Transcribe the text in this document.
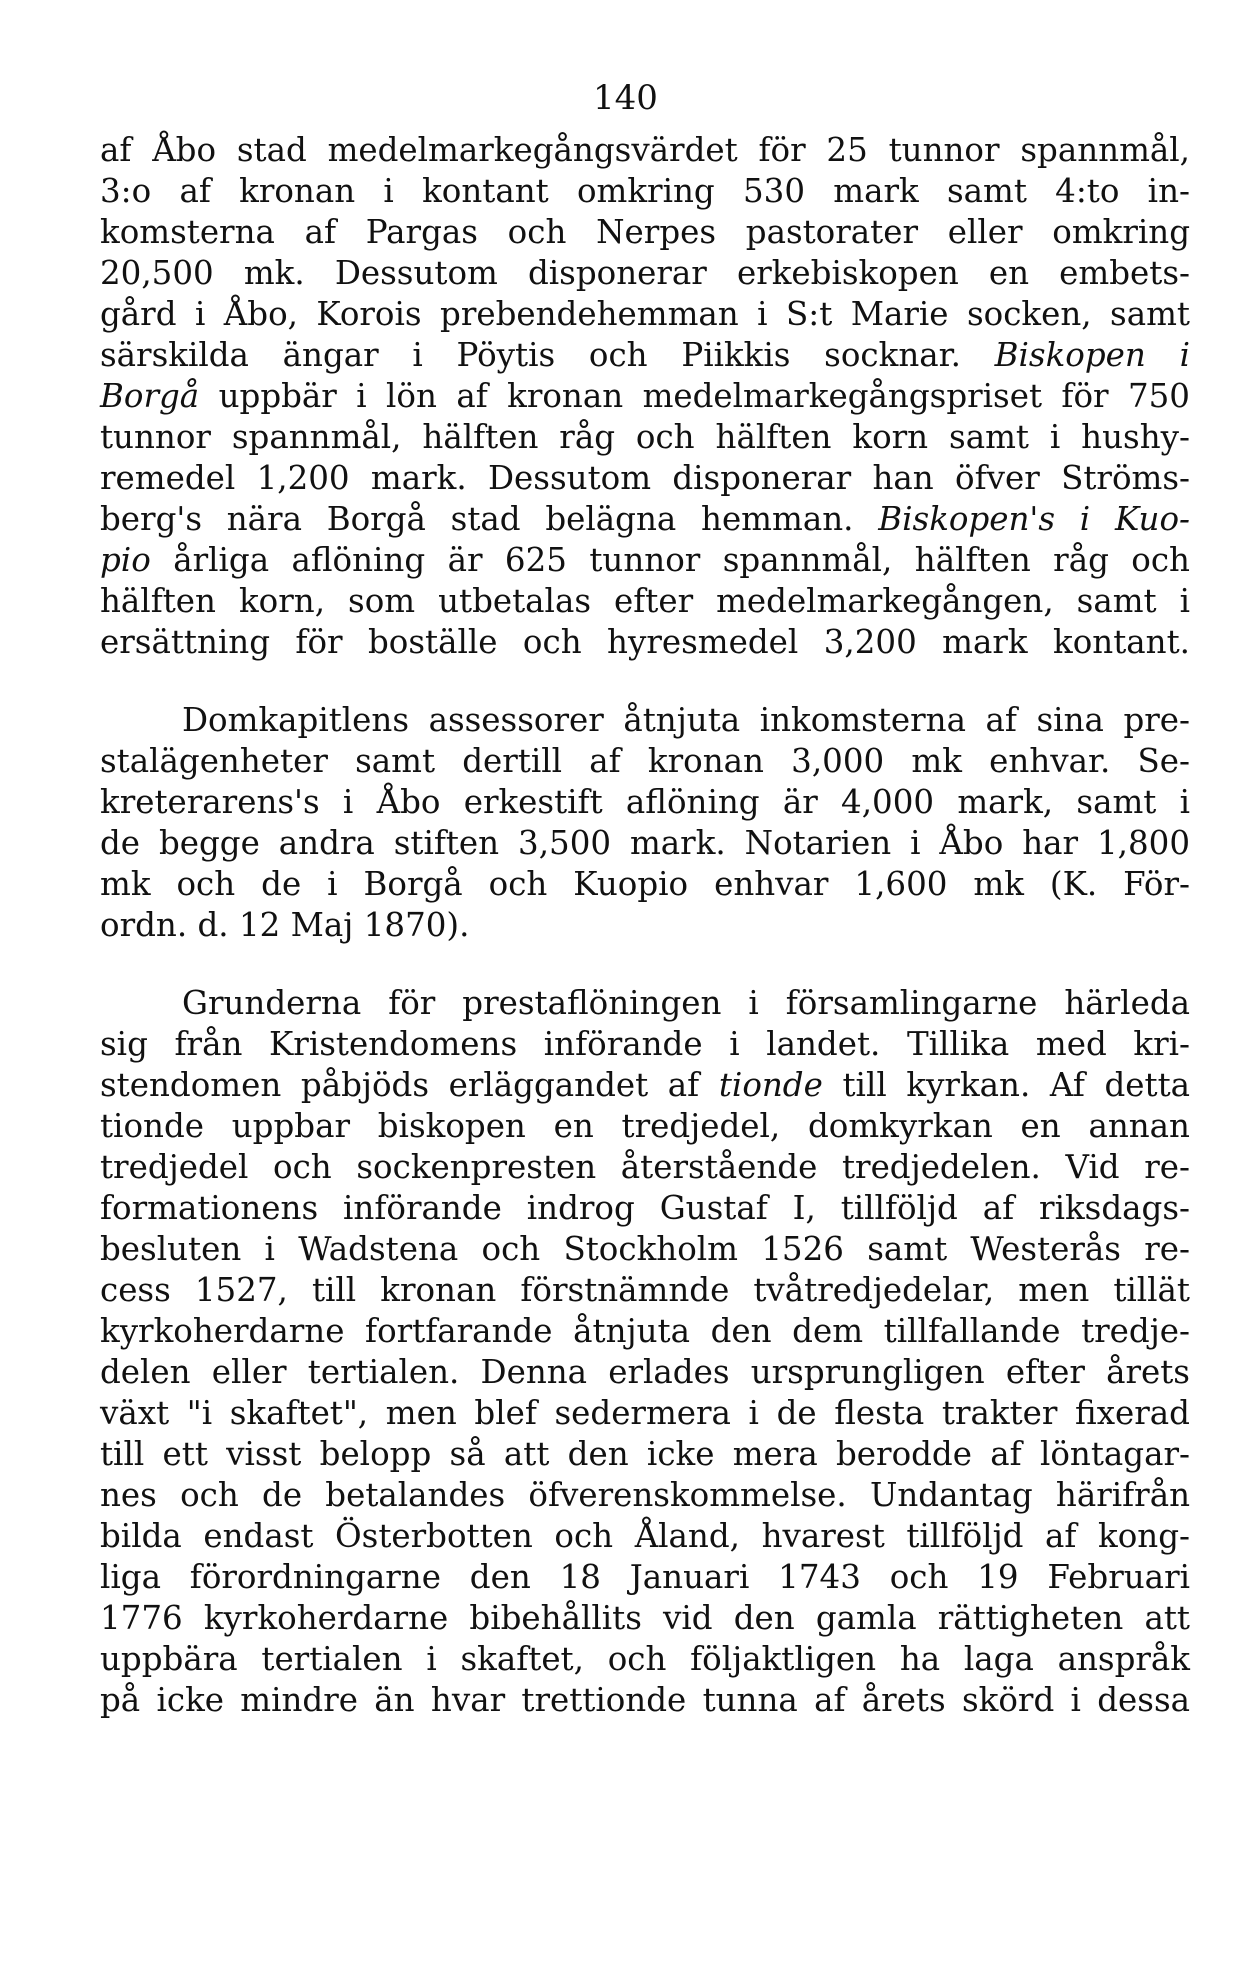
140
af Åbo stad medelmarkegångsvärdet för 25 tunnor spannmål,
3:o af kronan i kontant omkring 530 mark samt 4:to in-
komsterna af Pargas och Nerpes pastorater eller omkring
20,500 mk. Dessutom disponerar erkebiskopen en embets-
gård i Åbo, Korois prebendehemman i S:t Marie socken, samt
särskilda ängar i Pöytis och Piikkis socknar. Biskopen i
Borgå uppbär i lön af kronan medelmarkegångspriset för 750
tunnor spannmål, hälften råg och hälften korn samt i hushy-
remedel 1,200 mark. Dessutom disponerar han öfver Ströms-
berg's nära Borgå stad belägna hemman. Biskopen's i Kuo-
pio årliga aflöning är 625 tunnor spannmål, hälften råg och
hälften korn, som utbetalas efter medelmarkegången, samt i
ersättning för boställe och hyresmedel 3,200 mark kontant.
Domkapitlens assessorer åtnjuta inkomsterna af sina pre-
stalägenheter samt dertill af kronan 3,000 mk enhvar. Se-
kreterarens's i Åbo erkestift aflöning är 4,000 mark, samt i
de begge andra stiften 3,500 mark. Notarien i Åbo har 1,800
mk och de i Borgå och Kuopio enhvar 1,600 mk (K. För-
ordn. d. 12 Maj 1870).
Grunderna för prestaflöningen i församlingarne härleda
sig från Kristendomens införande i landet. Tillika med kri-
stendomen påbjöds erläggandet af tionde till kyrkan. Af detta
tionde uppbar biskopen en tredjedel, domkyrkan en annan
tredjedel och sockenpresten återstående tredjedelen. Vid re-
formationens införande indrog Gustaf I, tillföljd af riksdags-
besluten i Wadstena och Stockholm 1526 samt Westerås re-
cess 1527, till kronan förstnämnde tvåtredjedelar, men tillät
kyrkoherdarne fortfarande åtnjuta den dem tillfallande tredje-
delen eller tertialen. Denna erlades ursprungligen efter årets
växt "i skaftet", men blef sedermera i de flesta trakter fixerad
till ett visst belopp så att den icke mera berodde af löntagar-
nes och de betalandes öfverenskommelse. Undantag härifrån
bilda endast Österbotten och Åland, hvarest tillföljd af kong-
liga förordningarne den 18 Januari 1743 och 19 Februari
1776 kyrkoherdarne bibehållits vid den gamla rättigheten att
uppbära tertialen i skaftet, och följaktligen ha laga anspråk
på icke mindre än hvar trettionde tunna af årets skörd i dessa
